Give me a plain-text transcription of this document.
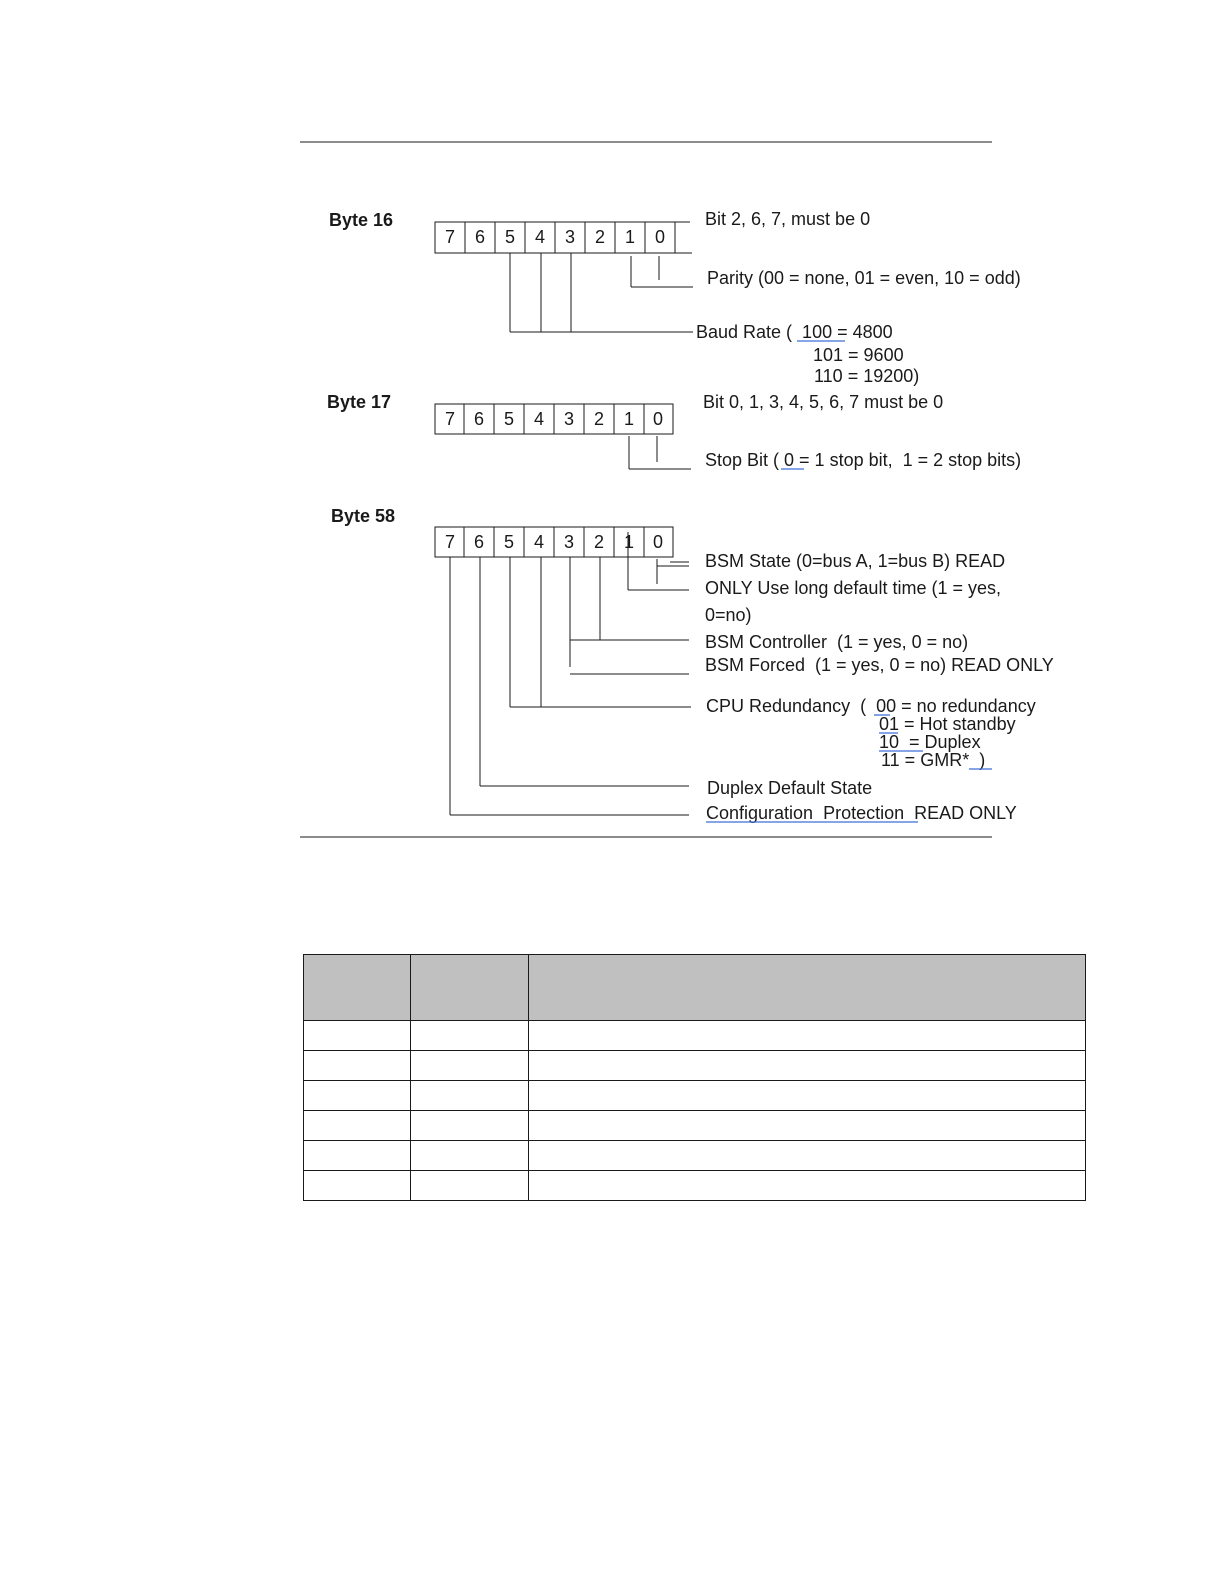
Byte 16
7 6 5 4 3 2 1 0
Bit 2, 6, 7, must be 0
Parity (00 = none, 01 = even, 10 = odd)
Baud Rate (  100 = 4800
101 = 9600
110 = 19200)
Byte 17
7 6 5 4 3 2 1 0
Bit 0, 1, 3, 4, 5, 6, 7 must be 0
Stop Bit ( 0 = 1 stop bit,  1 = 2 stop bits)
Byte 58
7 6 5 4 3 2 1 0
BSM State (0=bus A, 1=bus B) READ
ONLY Use long default time (1 = yes,
0=no)
BSM Controller  (1 = yes, 0 = no)
BSM Forced  (1 = yes, 0 = no) READ ONLY
CPU Redundancy  (  00 = no redundancy
01 = Hot standby
10  = Duplex
11 = GMR*  )
Duplex Default State
Configuration  Protection  READ ONLY
